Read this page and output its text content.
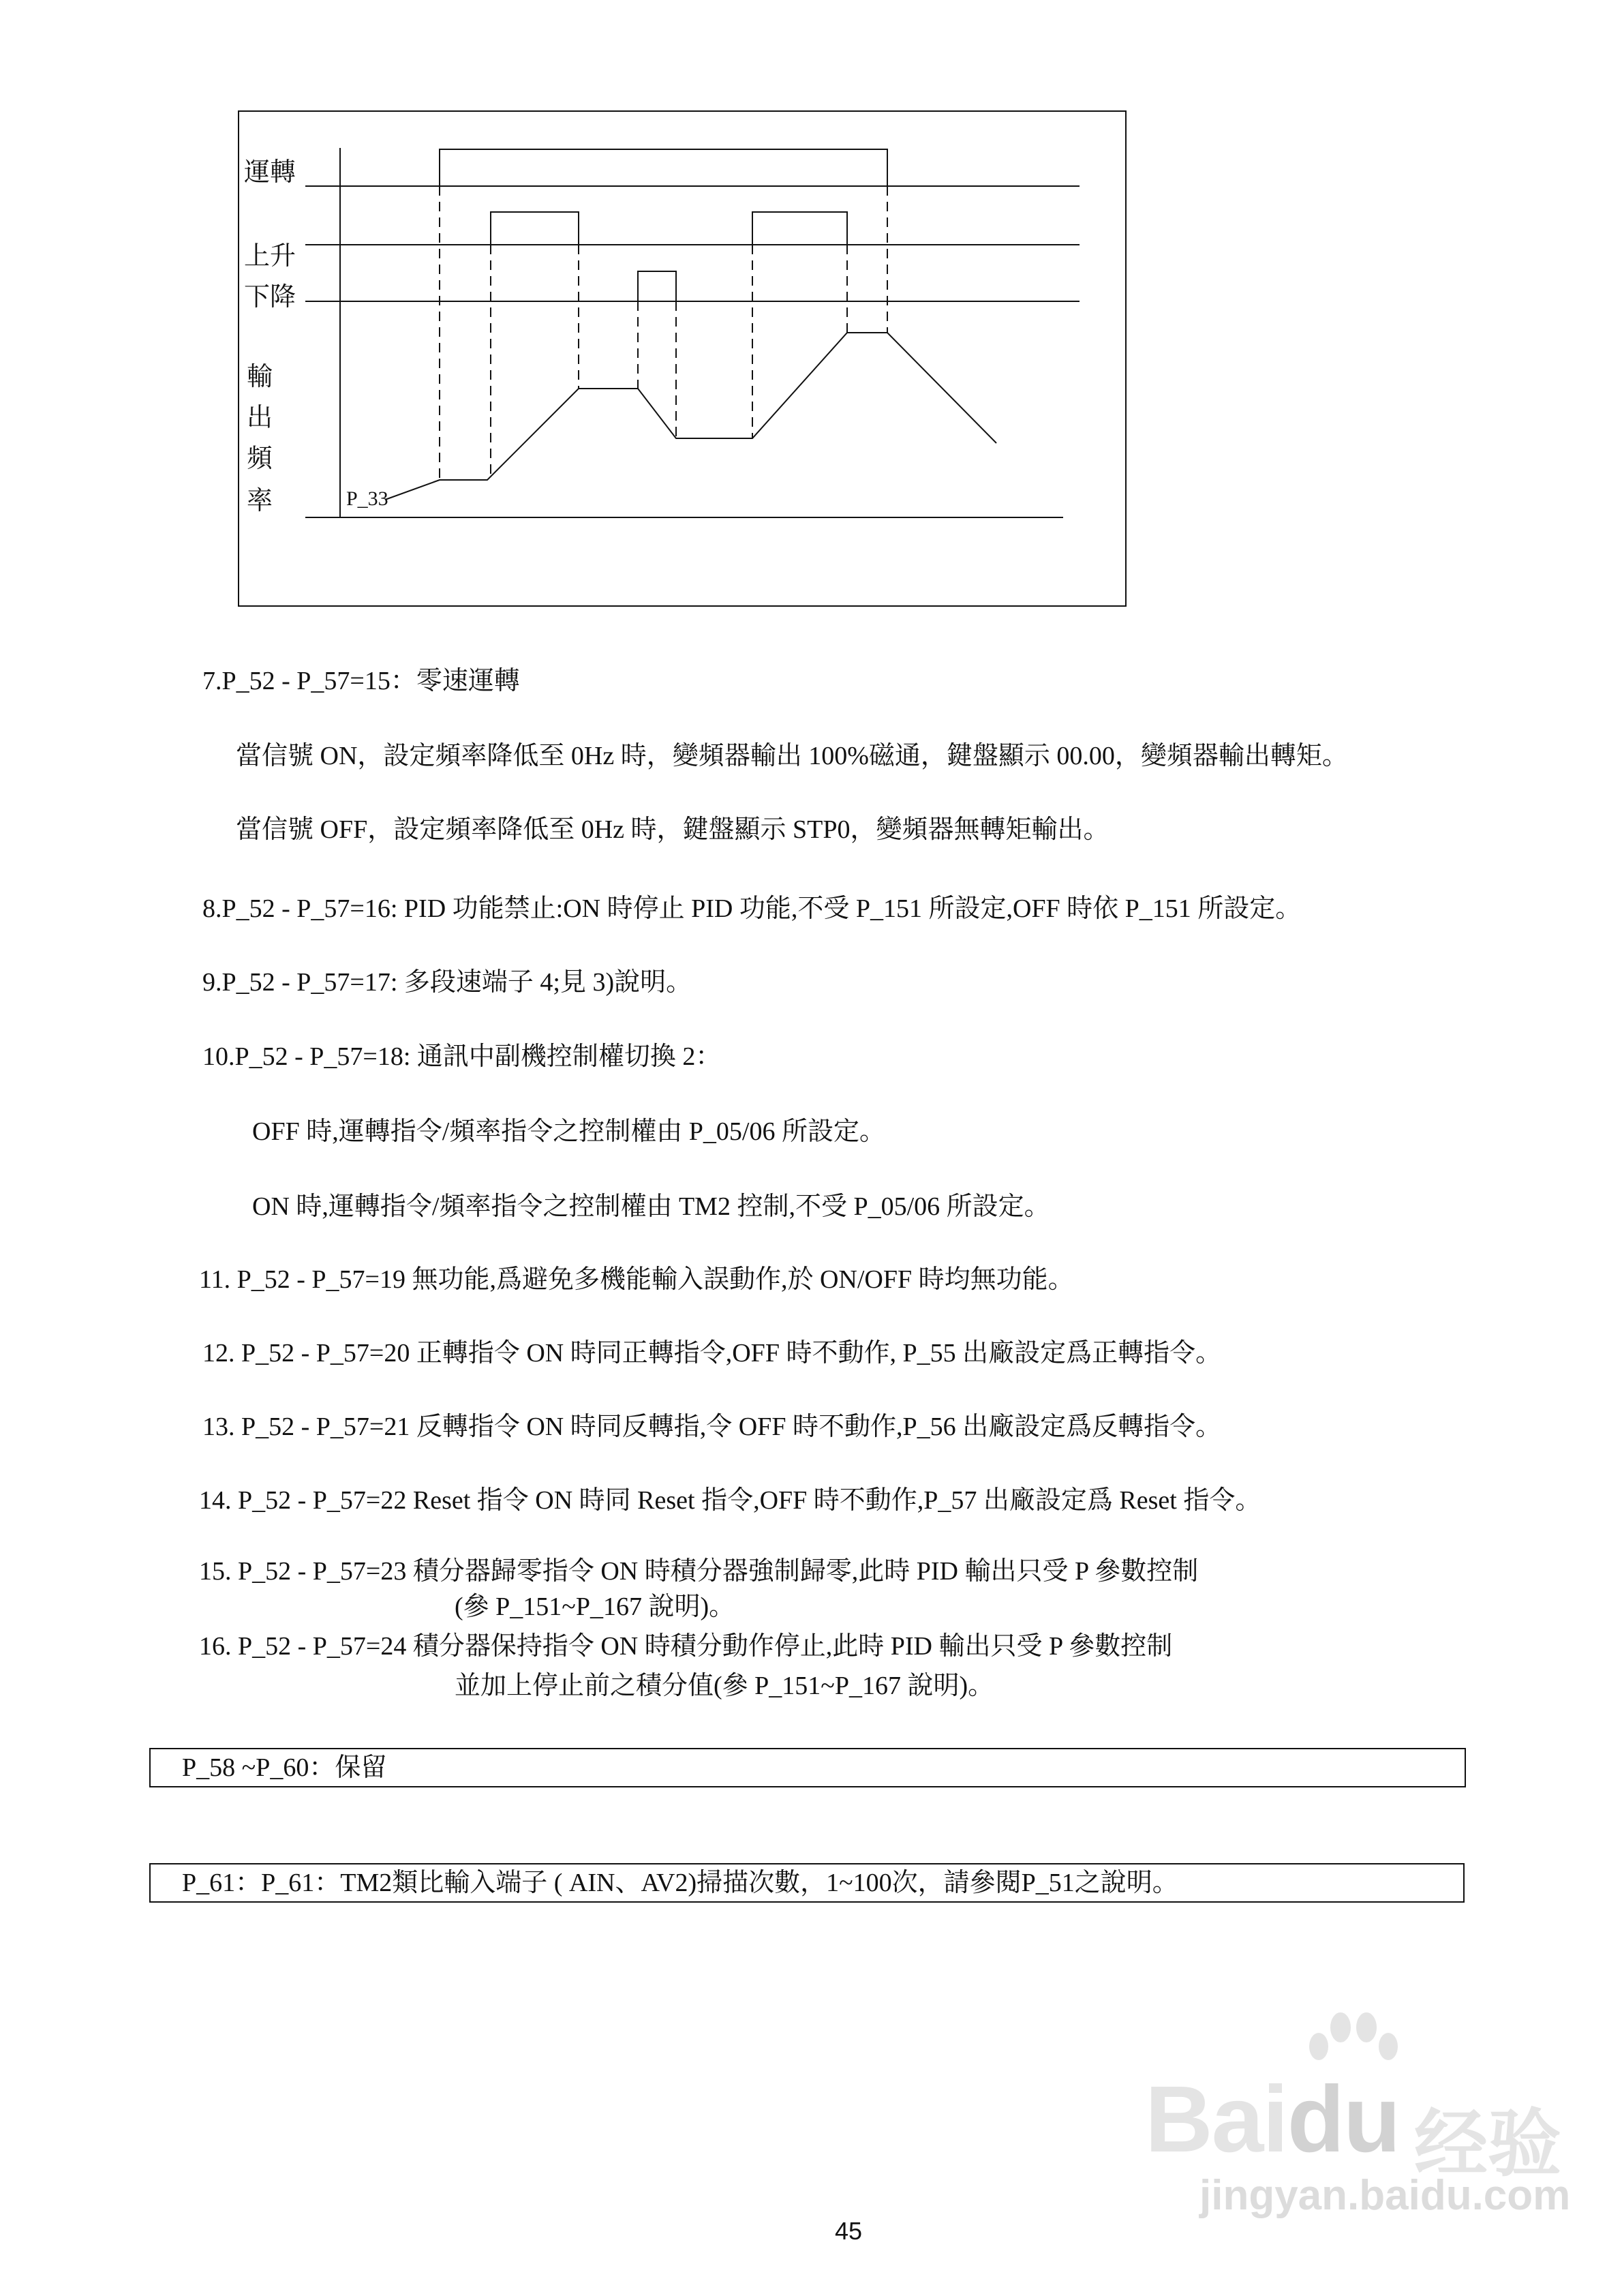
運轉
上升
下降
輸
出
頻
率	P_33
7.P_52 - P_57=15：零速運轉
當信號 ON，設定頻率降低至 0Hz 時，變頻器輸出 100%磁通，鍵盤顯示 00.00，變頻器輸出轉矩。
當信號 OFF，設定頻率降低至 0Hz 時，鍵盤顯示 STP0，變頻器無轉矩輸出。
8.P_52 - P_57=16: PID 功能禁止:ON 時停止 PID 功能,不受 P_151 所設定,OFF 時依 P_151 所設定。
9.P_52 - P_57=17: 多段速端子 4;見 3)說明。
10.P_52 - P_57=18: 通訊中副機控制權切換 2：
OFF 時,運轉指令/頻率指令之控制權由 P_05/06 所設定。
ON 時,運轉指令/頻率指令之控制權由 TM2 控制,不受 P_05/06 所設定。
11. P_52 - P_57=19 無功能,爲避免多機能輸入誤動作,於 ON/OFF 時均無功能。
12. P_52 - P_57=20 正轉指令 ON 時同正轉指令,OFF 時不動作, P_55 出廠設定爲正轉指令。
13. P_52 - P_57=21 反轉指令 ON 時同反轉指,令 OFF 時不動作,P_56 出廠設定爲反轉指令。
14. P_52 - P_57=22 Reset 指令 ON 時同 Reset 指令,OFF 時不動作,P_57 出廠設定爲 Reset 指令。
15. P_52 - P_57=23 積分器歸零指令 ON 時積分器強制歸零,此時 PID 輸出只受 P 參數控制
(參 P_151~P_167 說明)。
16. P_52 - P_57=24 積分器保持指令 ON 時積分動作停止,此時 PID 輸出只受 P 參數控制
並加上停止前之積分值(參 P_151~P_167 說明)。
P_58 ~P_60：保留
P_61：P_61：TM2類比輸入端子 ( AIN、AV2)掃描次數，1~100次，請參閱P_51之說明。
Baidu 经验
jingyan.baidu.com
45
